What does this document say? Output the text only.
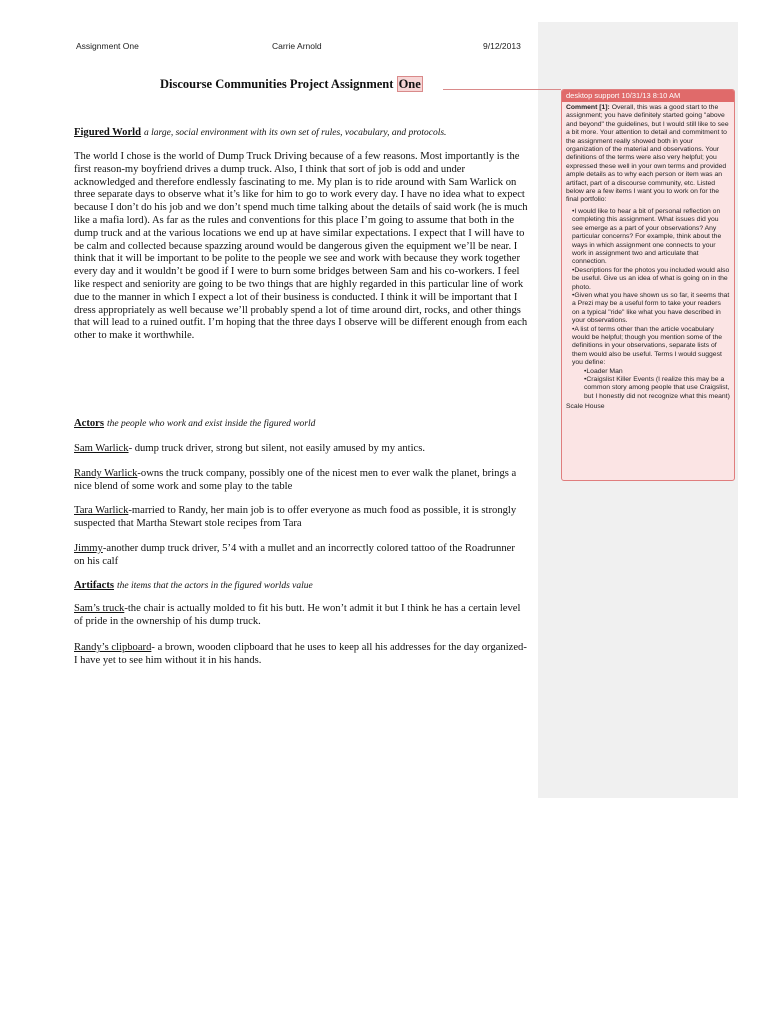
Assignment One	Carrie Arnold	9/12/2013
Discourse Communities Project Assignment One
Figured World a large, social environment with its own set of rules, vocabulary, and protocols.

The world I chose is the world of Dump Truck Driving because of a few reasons. Most importantly is the first reason-my boyfriend drives a dump truck. Also, I think that sort of job is odd and under acknowledged and therefore endlessly fascinating to me. My plan is to ride around with Sam Warlick on three separate days to observe what it’s like for him to go to work every day. I have no idea what to expect because I don’t do his job and we don’t spend much time talking about the details of said work (he is much like a mafia lord). As far as the rules and conventions for this place I’m going to assume that both in the dump truck and at the various locations we end up at have similar expectations. I expect that I will have to be calm and collected because spazzing around would be dangerous given the equipment we’ll be near. I think that it will be important to be polite to the people we see and work with because they work together every day and it wouldn’t be good if I were to burn some bridges between Sam and his co-workers. I feel like respect and seniority are going to be two things that are highly regarded in this particular line of work due to the manner in which I expect a lot of their business is conducted. I think it will be important that I dress appropriately as well because we’ll probably spend a lot of time around dirt, rocks, and other things that will lead to a ruined outfit. I’m hoping that the three days I observe will be different enough from each other to make it worthwhile.

Actors the people who work and exist inside the figured world

Sam Warlick- dump truck driver, strong but silent, not easily amused by my antics.

Randy Warlick-owns the truck company, possibly one of the nicest men to ever walk the planet, brings a nice blend of some work and some play to the table

Tara Warlick-married to Randy, her main job is to offer everyone as much food as possible, it is strongly suspected that Martha Stewart stole recipes from Tara

Jimmy-another dump truck driver, 5’4 with a mullet and an incorrectly colored tattoo of the Roadrunner on his calf

Artifacts the items that the actors in the figured worlds value

Sam’s truck-the chair is actually molded to fit his butt. He won’t admit it but I think he has a certain level of pride in the ownership of his dump truck.

Randy’s clipboard- a brown, wooden clipboard that he uses to keep all his addresses for the day organized-I have yet to see him without it in his hands.

desktop support 10/31/13 8:10 AM
Comment [1]: Overall, this was a good start to the assignment; you have definitely started going "above and beyond" the guidelines, but I would still like to see a bit more. Your attention to detail and commitment to the assignment really showed both in your organization of the material and observations. Your definitions of the terms were also very helpful; you expressed these well in your own terms and provided ample details as to why each person or item was an artifact, part of a discourse community, etc. Listed below are a few items I want you to work on for the final portfolio:
•I would like to hear a bit of personal reflection on completing this assignment. What issues did you see emerge as a part of your observations? Any particular concerns? For example, think about the ways in which assignment one connects to your work in assignment two and articulate that connection.
•Descriptions for the photos you included would also be useful. Give us an idea of what is going on in the photo.
•Given what you have shown us so far, it seems that a Prezi may be a useful form to take your readers on a typical "ride" like what you have described in your observations.
•A list of terms other than the article vocabulary would be helpful; though you mention some of the definitions in your observations, separate lists of them would also be useful. Terms I would suggest you define:
•Loader Man
•Craigslist Killer Events (I realize this may be a common story among people that use Craigslist, but I honestly did not recognize what this meant)
Scale House
